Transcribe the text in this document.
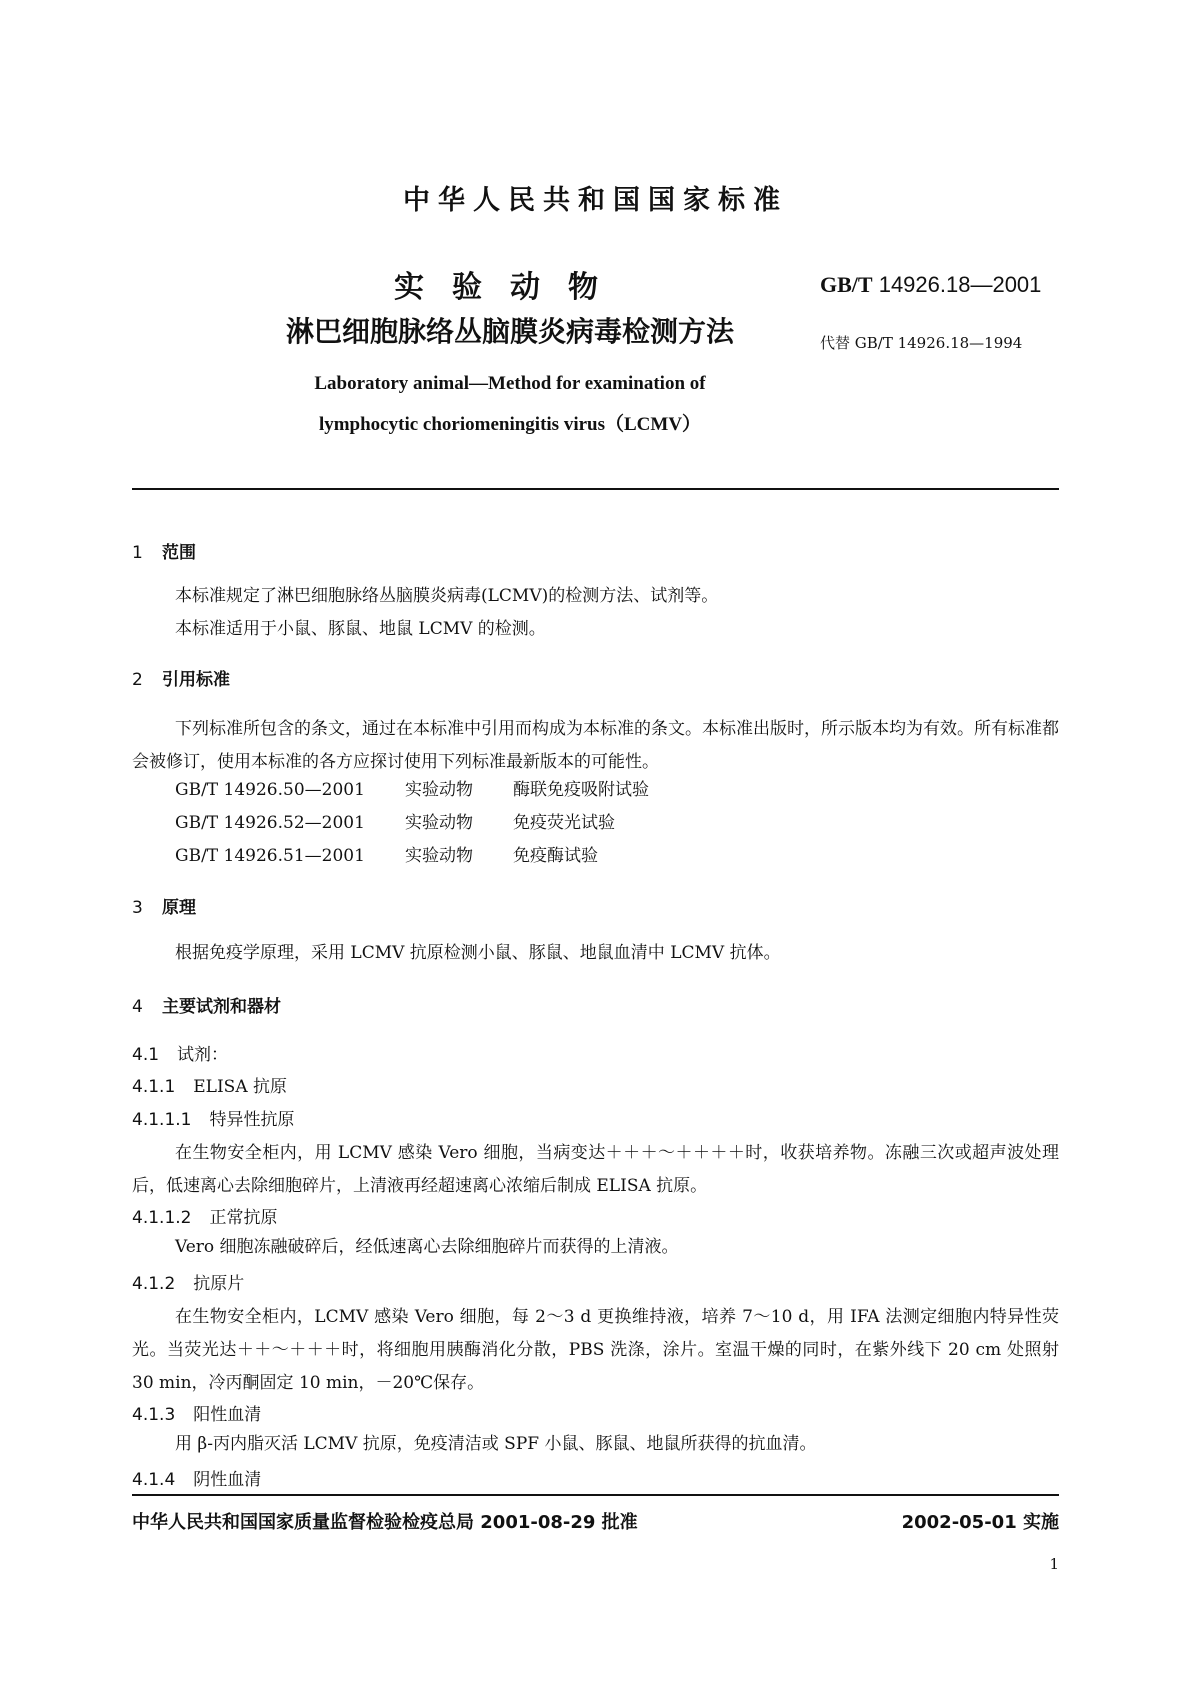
中华人民共和国国家标准
实验动物
淋巴细胞脉络丛脑膜炎病毒检测方法
GB/T 14926.18—2001
代替 GB/T 14926.18—1994
Laboratory animal—Method for examination of
lymphocytic choriomeningitis virus（LCMV）
1 范围
本标准规定了淋巴细胞脉络丛脑膜炎病毒(LCMV)的检测方法、试剂等。
本标准适用于小鼠、豚鼠、地鼠 LCMV 的检测。
2 引用标准
下列标准所包含的条文，通过在本标准中引用而构成为本标准的条文。本标准出版时，所示版本均为有效。所有标准都会被修订，使用本标准的各方应探讨使用下列标准最新版本的可能性。
GB/T 14926.50—2001 实验动物 酶联免疫吸附试验
GB/T 14926.52—2001 实验动物 免疫荧光试验
GB/T 14926.51—2001 实验动物 免疫酶试验
3 原理
根据免疫学原理，采用 LCMV 抗原检测小鼠、豚鼠、地鼠血清中 LCMV 抗体。
4 主要试剂和器材
4.1 试剂：
4.1.1 ELISA 抗原
4.1.1.1 特异性抗原
在生物安全柜内，用 LCMV 感染 Vero 细胞，当病变达＋＋＋～＋＋＋＋时，收获培养物。冻融三次或超声波处理后，低速离心去除细胞碎片，上清液再经超速离心浓缩后制成 ELISA 抗原。
4.1.1.2 正常抗原
Vero 细胞冻融破碎后，经低速离心去除细胞碎片而获得的上清液。
4.1.2 抗原片
在生物安全柜内，LCMV 感染 Vero 细胞，每 2～3 d 更换维持液，培养 7～10 d，用 IFA 法测定细胞内特异性荧光。当荧光达＋＋～＋＋＋时，将细胞用胰酶消化分散，PBS 洗涤，涂片。室温干燥的同时，在紫外线下 20 cm 处照射 30 min，冷丙酮固定 10 min，－20℃保存。
4.1.3 阳性血清
用 β-丙内脂灭活 LCMV 抗原，免疫清洁或 SPF 小鼠、豚鼠、地鼠所获得的抗血清。
4.1.4 阴性血清
中华人民共和国国家质量监督检验检疫总局 2001-08-29 批准	2002-05-01 实施
1
